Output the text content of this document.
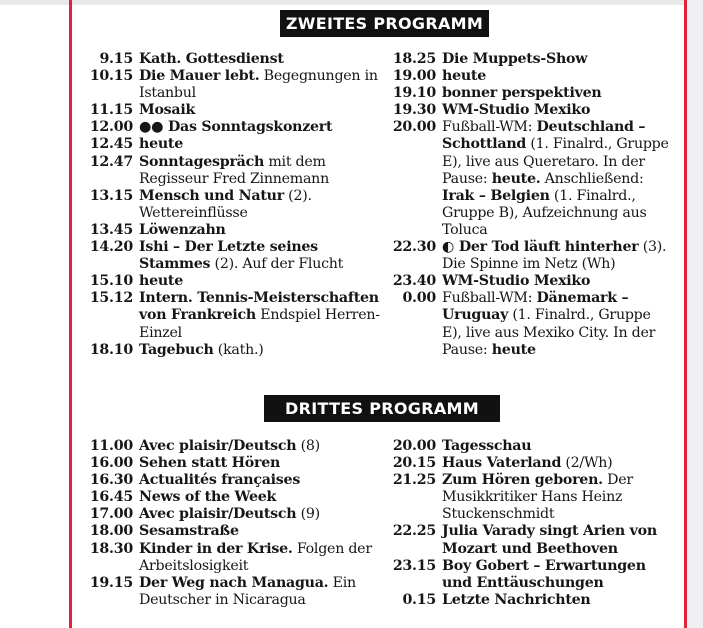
ZWEITES PROGRAMM
9.15 Kath. Gottesdienst
10.15 Die Mauer lebt. Begegnungen in Istanbul
11.15 Mosaik
12.00 ●● Das Sonntagskonzert
12.45 heute
12.47 Sonntagespräch mit dem Regisseur Fred Zinnemann
13.15 Mensch und Natur (2). Wettereinflüsse
13.45 Löwenzahn
14.20 Ishi – Der Letzte seines Stammes (2). Auf der Flucht
15.10 heute
15.12 Intern. Tennis-Meisterschaften von Frankreich Endspiel Herren-Einzel
18.10 Tagebuch (kath.)
18.25 Die Muppets-Show
19.00 heute
19.10 bonner perspektiven
19.30 WM-Studio Mexiko
20.00 Fußball-WM: Deutschland – Schottland (1. Finalrd., Gruppe E), live aus Queretaro. In der Pause: heute. Anschließend: Irak – Belgien (1. Finalrd., Gruppe B), Aufzeichnung aus Toluca
22.30 ◐ Der Tod läuft hinterher (3). Die Spinne im Netz (Wh)
23.40 WM-Studio Mexiko
0.00 Fußball-WM: Dänemark – Uruguay (1. Finalrd., Gruppe E), live aus Mexiko City. In der Pause: heute
DRITTES PROGRAMM
11.00 Avec plaisir/Deutsch (8)
16.00 Sehen statt Hören
16.30 Actualités françaises
16.45 News of the Week
17.00 Avec plaisir/Deutsch (9)
18.00 Sesamstraße
18.30 Kinder in der Krise. Folgen der Arbeitslosigkeit
19.15 Der Weg nach Managua. Ein Deutscher in Nicaragua
20.00 Tagesschau
20.15 Haus Vaterland (2/Wh)
21.25 Zum Hören geboren. Der Musikkritiker Hans Heinz Stuckenschmidt
22.25 Julia Varady singt Arien von Mozart und Beethoven
23.15 Boy Gobert – Erwartungen und Enttäuschungen
0.15 Letzte Nachrichten
